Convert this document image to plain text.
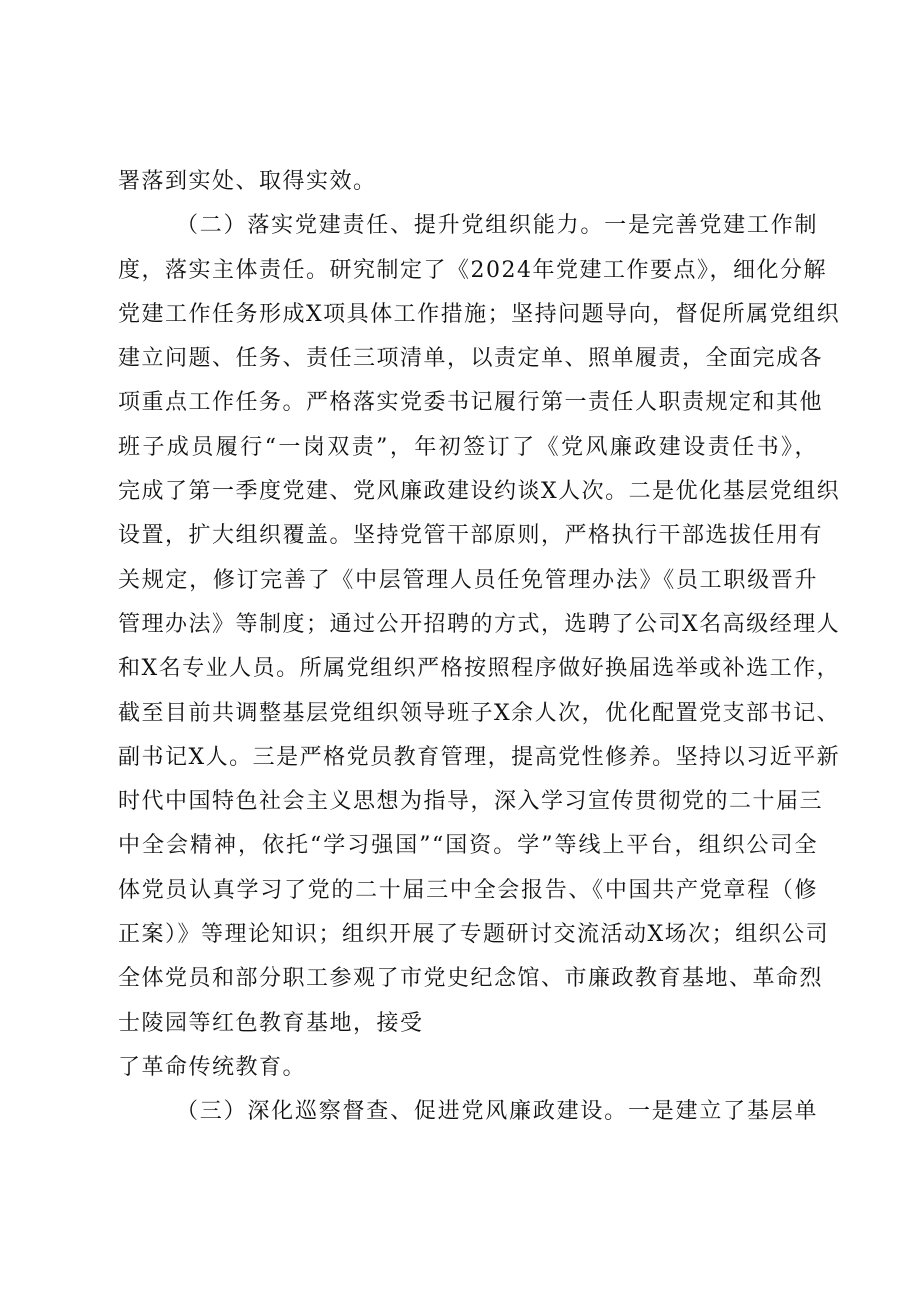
署落到实处、取得实效。
（二）落实党建责任、提升党组织能力。一是完善党建工作制
度，落实主体责任。研究制定了《2024年党建工作要点》，细化分解
党建工作任务形成X项具体工作措施；坚持问题导向，督促所属党组织
建立问题、任务、责任三项清单，以责定单、照单履责，全面完成各
项重点工作任务。严格落实党委书记履行第一责任人职责规定和其他
班子成员履行“一岗双责”，年初签订了《党风廉政建设责任书》，
完成了第一季度党建、党风廉政建设约谈X人次。二是优化基层党组织
设置，扩大组织覆盖。坚持党管干部原则，严格执行干部选拔任用有
关规定，修订完善了《中层管理人员任免管理办法》《员工职级晋升
管理办法》等制度；通过公开招聘的方式，选聘了公司X名高级经理人
和X名专业人员。所属党组织严格按照程序做好换届选举或补选工作，
截至目前共调整基层党组织领导班子X余人次，优化配置党支部书记、
副书记X人。三是严格党员教育管理，提高党性修养。坚持以习近平新
时代中国特色社会主义思想为指导，深入学习宣传贯彻党的二十届三
中全会精神，依托“学习强国”“国资。学”等线上平台，组织公司全
体党员认真学习了党的二十届三中全会报告、《中国共产党章程（修
正案）》等理论知识；组织开展了专题研讨交流活动X场次；组织公司
全体党员和部分职工参观了市党史纪念馆、市廉政教育基地、革命烈
士陵园等红色教育基地，接受
了革命传统教育。
（三）深化巡察督查、促进党风廉政建设。一是建立了基层单
